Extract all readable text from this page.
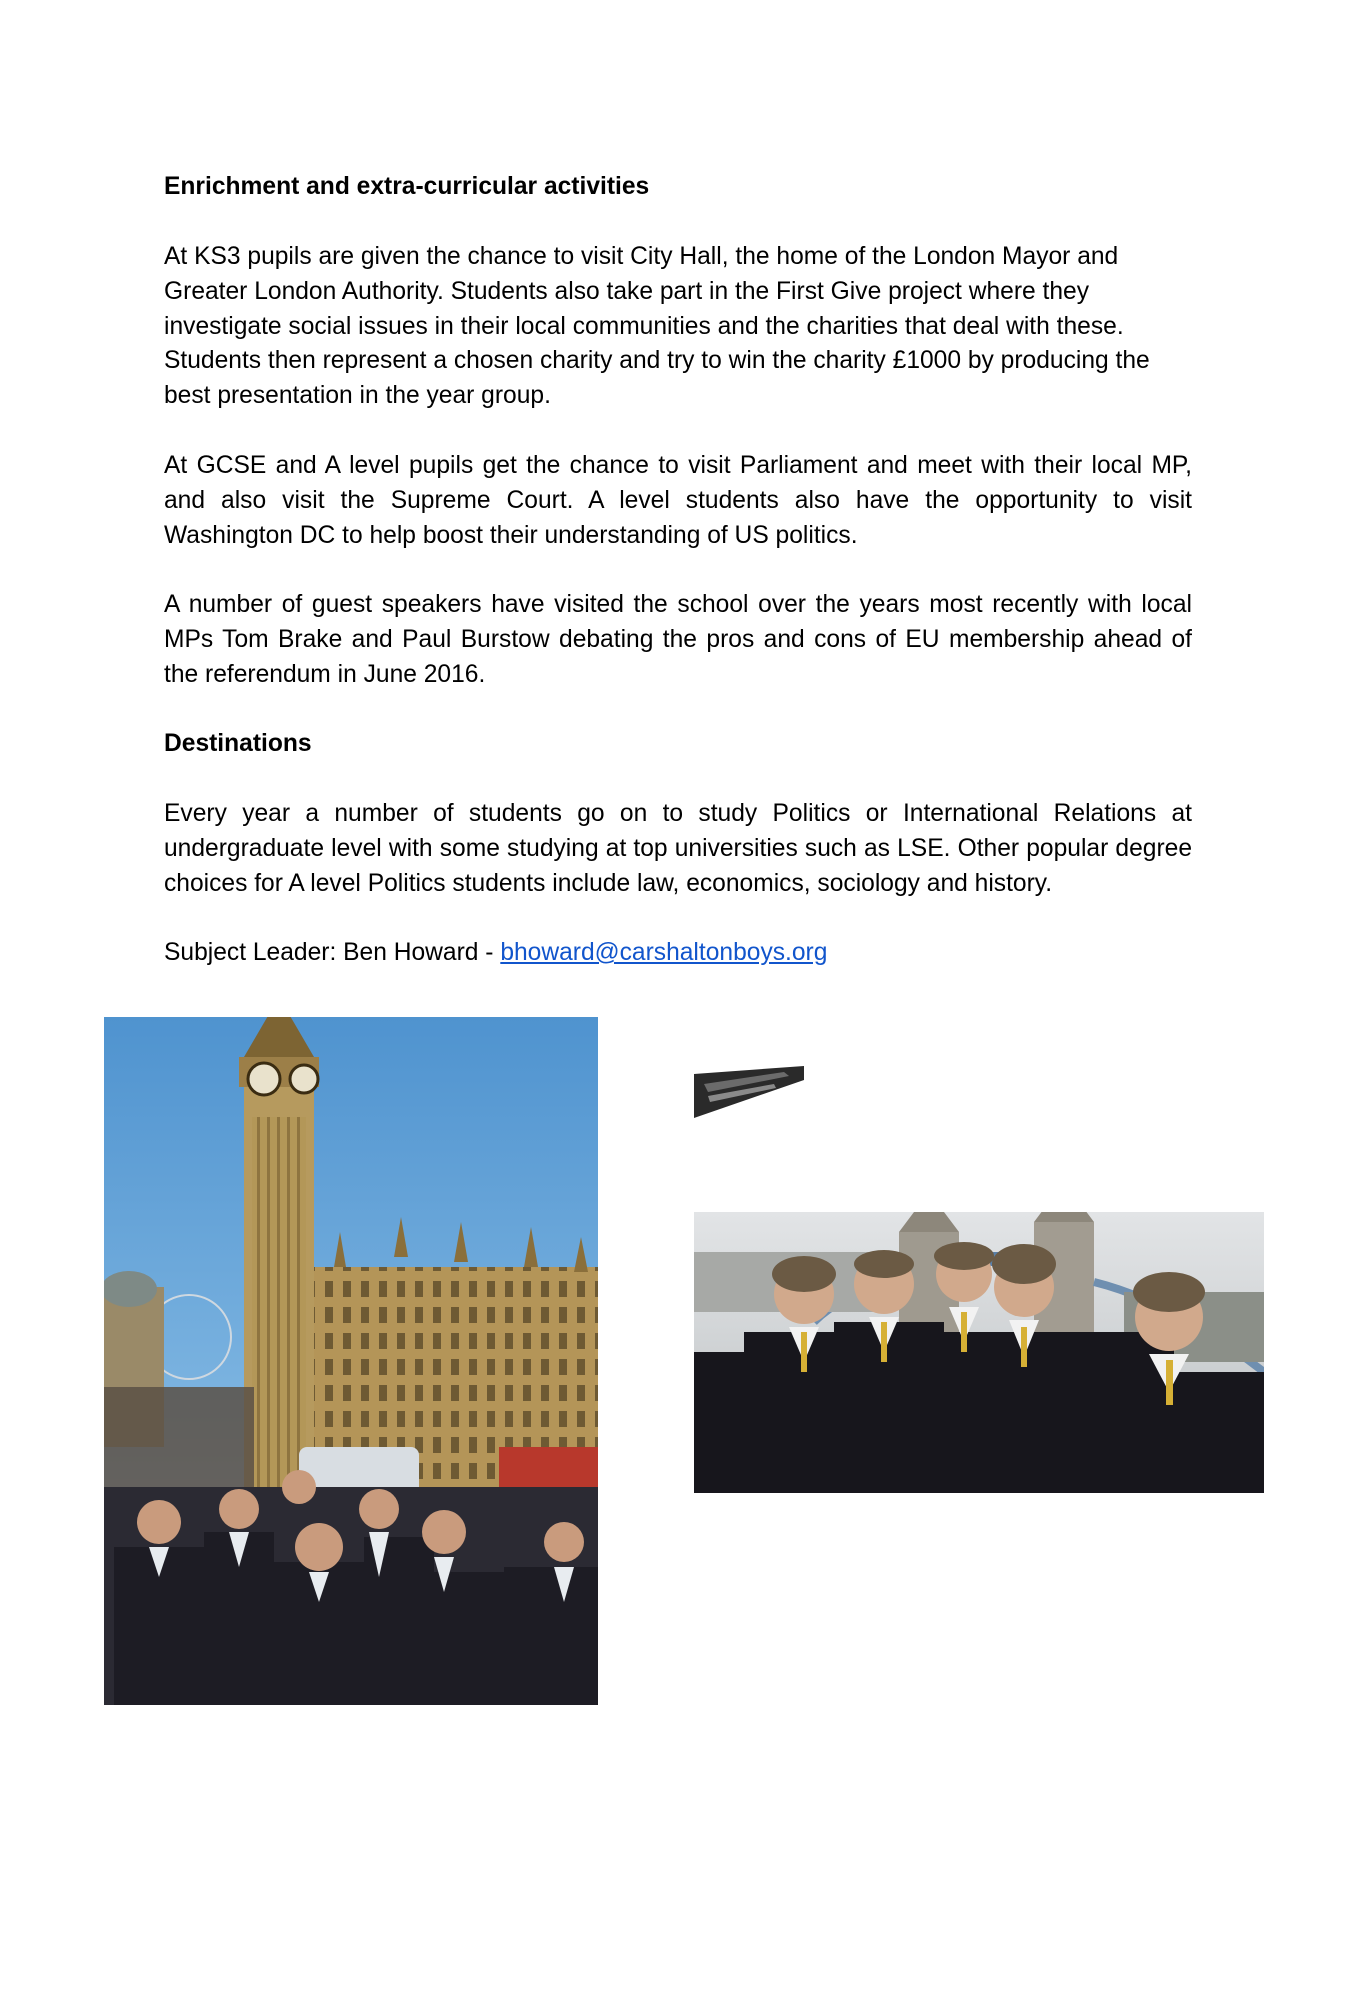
Enrichment and extra-curricular activities
At KS3 pupils are given the chance to visit City Hall, the home of the London Mayor and Greater London Authority. Students also take part in the First Give project where they investigate social issues in their local communities and the charities that deal with these. Students then represent a chosen charity and try to win the charity £1000 by producing the best presentation in the year group.
At GCSE and A level pupils get the chance to visit Parliament and meet with their local MP, and also visit the Supreme Court. A level students also have the opportunity to visit Washington DC to help boost their understanding of US politics.
A number of guest speakers have visited the school over the years most recently with local MPs Tom Brake and Paul Burstow debating the pros and cons of EU membership ahead of the referendum in June 2016.
Destinations
Every year a number of students go on to study Politics or International Relations at undergraduate level with some studying at top universities such as LSE. Other popular degree choices for A level Politics students include law, economics, sociology and history.
Subject Leader: Ben Howard - bhoward@carshaltonboys.org
